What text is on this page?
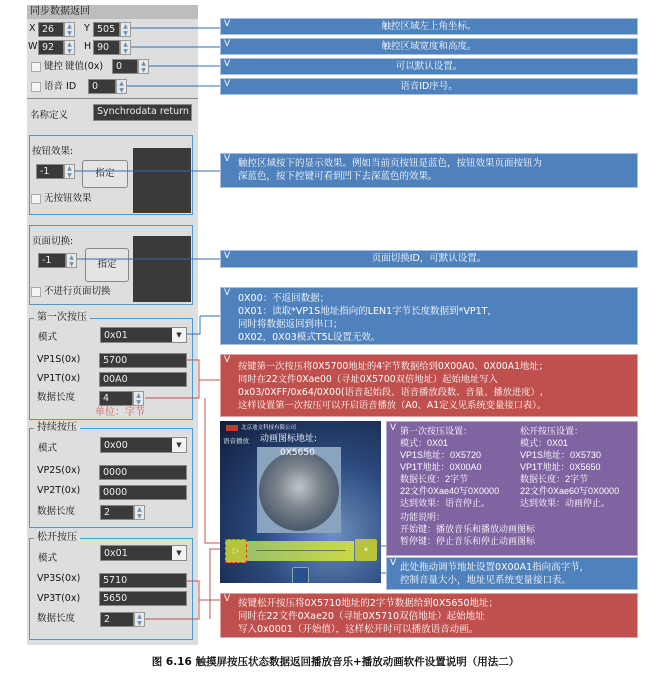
同步数据返回
X 26	▲
▼	Y 505	▲
▼
W 92	▲
▼	H 90	▲
▼
键控 键值(0x)	0	▲
▼
语音 ID	0	▲
▼
名称定义	Synchrodata return
按钮效果:
-1	▲
▼	指定
无按钮效果
页面切换:
-1	▲
▼	指定
不进行页面切换
第一次按压
模式	0x01	▼
VP1S(0x)	5700
VP1T(0x)	00A0
数据长度	4	▲
▼
单位：字节
持续按压
模式	0x00	▼
VP2S(0x)	0000
VP2T(0x)	0000
数据长度	2	▲
▼
松开按压
模式	0x01	▼
VP3S(0x)	5710
VP3T(0x)	5650
数据长度	2	▲
▼
V	触控区域左上角坐标。
V	触控区域宽度和高度。
V	可以默认设置。
V	语音ID序号。
V 触控区域按下的显示效果。例如当前页按钮是蓝色，按钮效果页面按钮为
深蓝色，按下控键可看到凹下去深蓝色的效果。
V	页面切换ID，可默认设置。
V 0X00：不返回数据；
0X01：读取*VP1S地址指向的LEN1字节长度数据到*VP1T，
同时将数据返回到串口；
0X02，0X03模式T5L设置无效。
V
按键第一次按压将0X5700地址的4字节数据给到0X00A0、0X00A1地址；
同时在22文件0Xae00（寻址0X5700双倍地址）起始地址写入
0x03/0XFF/0x64/0X00(语音起始段、语音播放段数、音量、播放进度）,
这样设置第一次按压可以开启语音播放（A0、A1定义见系统变量接口表）。
北京迪文科技有限公司
语音播放 动画图标地址:
0X5650
▷	⏸
V 第一次按压设置：
模式：0X01
VP1S地址：0X5720
VP1T地址：0X00A0
数据长度：2字节
22文件0Xae40写0X0000
达到效果：语音停止。
松开按压设置：
模式：0X01
VP1S地址：0X5730
VP1T地址：0X5650
数据长度：2字节
22文件0Xae60写0X0000
达到效果：动画停止。
功能说明：
开始键：播放音乐和播放动画图标
暂停键：停止音乐和停止动画图标
V 此处拖动调节地址设置0X00A1指向高字节，
控制音量大小，地址见系统变量接口表。
V 按键松开按压将0X5710地址的2字节数据给到0X5650地址；
同时在22文件0Xae20（寻址0X5710双倍地址）起始地址
写入0x0001（开始值），这样松开时可以播放语音动画。
图 6.16 触摸屏按压状态数据返回播放音乐+播放动画软件设置说明（用法二）
